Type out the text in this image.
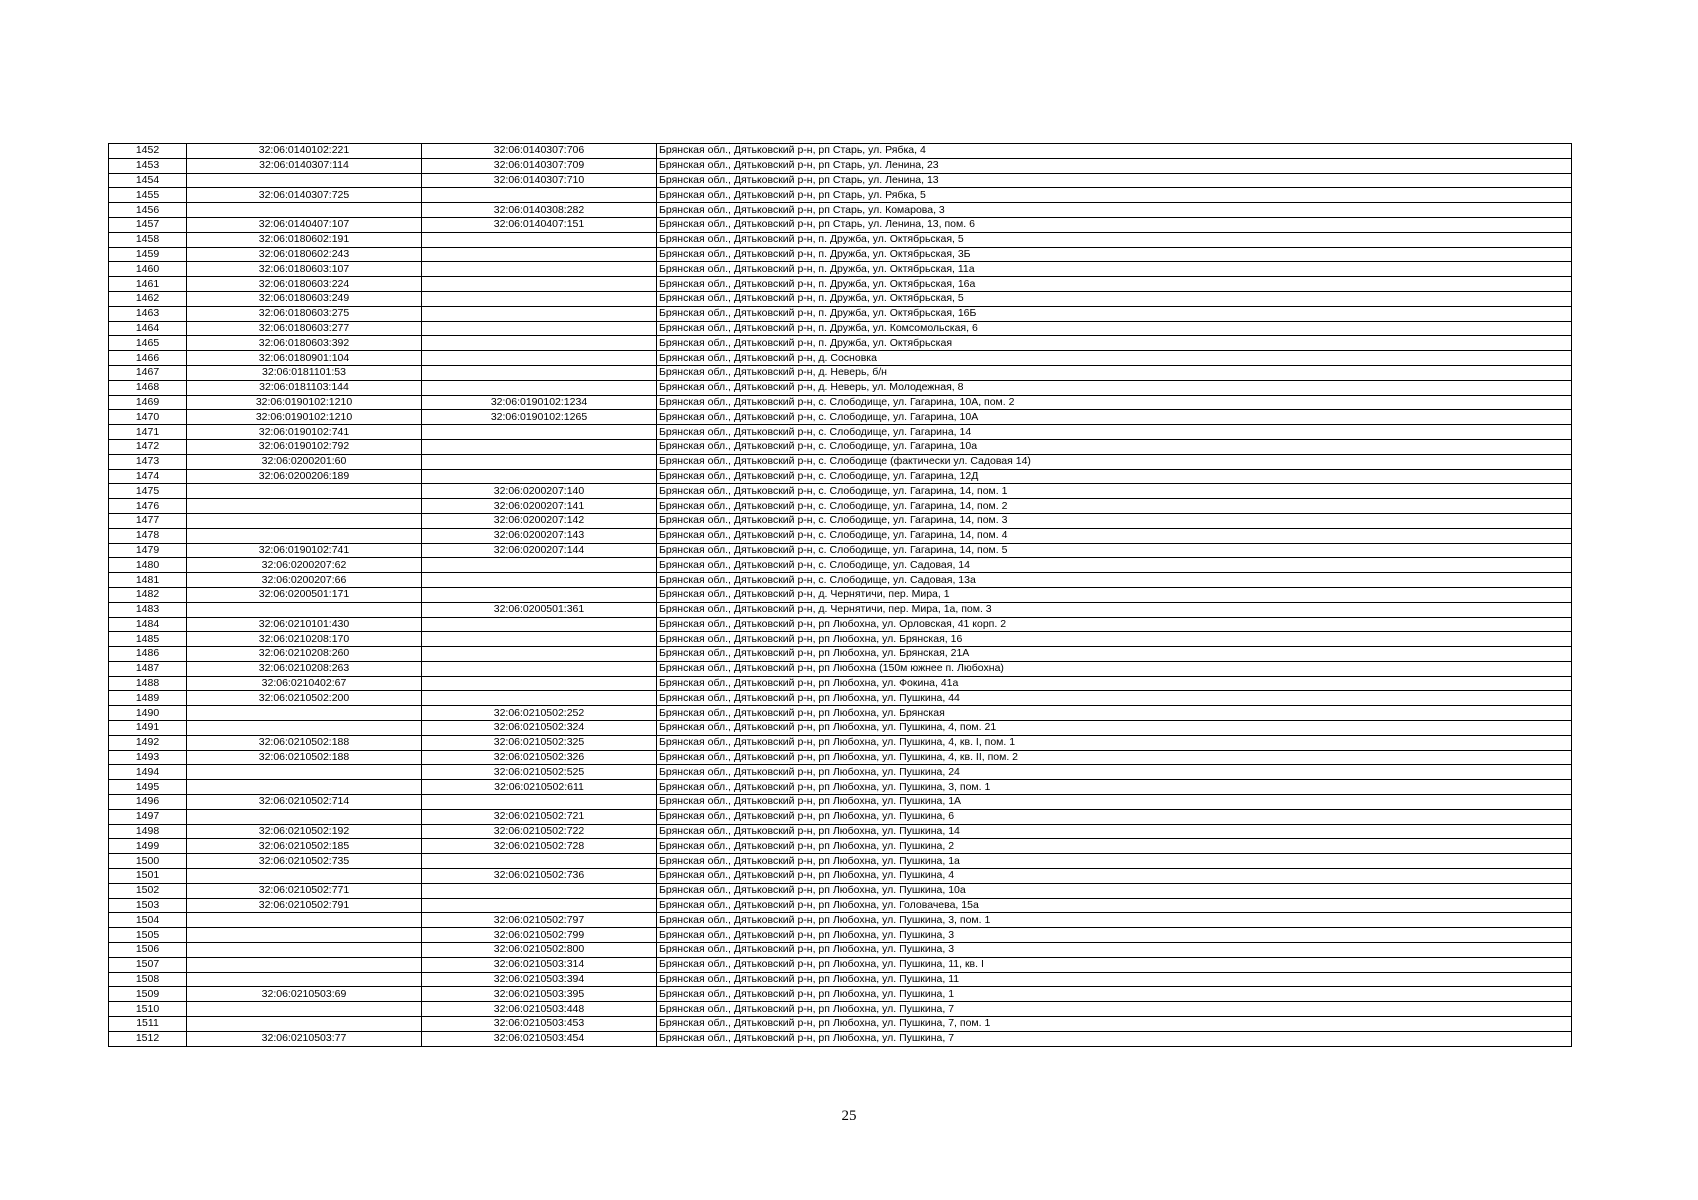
1452	32:06:0140102:221	32:06:0140307:706	Брянская обл., Дятьковский р-н, рп Старь, ул. Рябка, 4
1453	32:06:0140307:114	32:06:0140307:709	Брянская обл., Дятьковский р-н, рп Старь, ул. Ленина, 23
1454		32:06:0140307:710	Брянская обл., Дятьковский р-н, рп Старь, ул. Ленина, 13
1455	32:06:0140307:725		Брянская обл., Дятьковский р-н, рп Старь, ул. Рябка, 5
1456		32:06:0140308:282	Брянская обл., Дятьковский р-н, рп Старь, ул. Комарова, 3
1457	32:06:0140407:107	32:06:0140407:151	Брянская обл., Дятьковский р-н, рп Старь, ул. Ленина, 13, пом. 6
1458	32:06:0180602:191		Брянская обл., Дятьковский р-н, п. Дружба, ул. Октябрьская, 5
1459	32:06:0180602:243		Брянская обл., Дятьковский р-н, п. Дружба, ул. Октябрьская, 3Б
1460	32:06:0180603:107		Брянская обл., Дятьковский р-н, п. Дружба, ул. Октябрьская, 11а
1461	32:06:0180603:224		Брянская обл., Дятьковский р-н, п. Дружба, ул. Октябрьская, 16а
1462	32:06:0180603:249		Брянская обл., Дятьковский р-н, п. Дружба, ул. Октябрьская, 5
1463	32:06:0180603:275		Брянская обл., Дятьковский р-н, п. Дружба, ул. Октябрьская, 16Б
1464	32:06:0180603:277		Брянская обл., Дятьковский р-н, п. Дружба, ул. Комсомольская, 6
1465	32:06:0180603:392		Брянская обл., Дятьковский р-н, п. Дружба, ул. Октябрьская
1466	32:06:0180901:104		Брянская обл., Дятьковский р-н, д. Сосновка
1467	32:06:0181101:53		Брянская обл., Дятьковский р-н, д. Неверь, б/н
1468	32:06:0181103:144		Брянская обл., Дятьковский р-н, д. Неверь, ул. Молодежная, 8
1469	32:06:0190102:1210	32:06:0190102:1234	Брянская обл., Дятьковский р-н, с. Слободище, ул. Гагарина, 10А, пом. 2
1470	32:06:0190102:1210	32:06:0190102:1265	Брянская обл., Дятьковский р-н, с. Слободище, ул. Гагарина, 10А
1471	32:06:0190102:741		Брянская обл., Дятьковский р-н, с. Слободище, ул. Гагарина, 14
1472	32:06:0190102:792		Брянская обл., Дятьковский р-н, с. Слободище, ул. Гагарина, 10а
1473	32:06:0200201:60		Брянская обл., Дятьковский р-н, с. Слободище (фактически ул. Садовая 14)
1474	32:06:0200206:189		Брянская обл., Дятьковский р-н, с. Слободище, ул. Гагарина, 12Д
1475		32:06:0200207:140	Брянская обл., Дятьковский р-н, с. Слободище, ул. Гагарина, 14, пом. 1
1476		32:06:0200207:141	Брянская обл., Дятьковский р-н, с. Слободище, ул. Гагарина, 14, пом. 2
1477		32:06:0200207:142	Брянская обл., Дятьковский р-н, с. Слободище, ул. Гагарина, 14, пом. 3
1478		32:06:0200207:143	Брянская обл., Дятьковский р-н, с. Слободище, ул. Гагарина, 14, пом. 4
1479	32:06:0190102:741	32:06:0200207:144	Брянская обл., Дятьковский р-н, с. Слободище, ул. Гагарина, 14, пом. 5
1480	32:06:0200207:62		Брянская обл., Дятьковский р-н, с. Слободище, ул. Садовая, 14
1481	32:06:0200207:66		Брянская обл., Дятьковский р-н, с. Слободище, ул. Садовая, 13а
1482	32:06:0200501:171		Брянская обл., Дятьковский р-н, д. Чернятичи, пер. Мира, 1
1483		32:06:0200501:361	Брянская обл., Дятьковский р-н, д. Чернятичи, пер. Мира, 1а, пом. 3
1484	32:06:0210101:430		Брянская обл., Дятьковский р-н, рп Любохна, ул. Орловская, 41 корп. 2
1485	32:06:0210208:170		Брянская обл., Дятьковский р-н, рп Любохна, ул. Брянская, 16
1486	32:06:0210208:260		Брянская обл., Дятьковский р-н, рп Любохна, ул. Брянская, 21А
1487	32:06:0210208:263		Брянская обл., Дятьковский р-н, рп Любохна (150м южнее п. Любохна)
1488	32:06:0210402:67		Брянская обл., Дятьковский р-н, рп Любохна, ул. Фокина, 41а
1489	32:06:0210502:200		Брянская обл., Дятьковский р-н, рп Любохна, ул. Пушкина, 44
1490		32:06:0210502:252	Брянская обл., Дятьковский р-н, рп Любохна, ул. Брянская
1491		32:06:0210502:324	Брянская обл., Дятьковский р-н, рп Любохна, ул. Пушкина, 4, пом. 21
1492	32:06:0210502:188	32:06:0210502:325	Брянская обл., Дятьковский р-н, рп Любохна, ул. Пушкина, 4, кв. I, пом. 1
1493	32:06:0210502:188	32:06:0210502:326	Брянская обл., Дятьковский р-н, рп Любохна, ул. Пушкина, 4, кв. II, пом. 2
1494		32:06:0210502:525	Брянская обл., Дятьковский р-н, рп Любохна, ул. Пушкина, 24
1495		32:06:0210502:611	Брянская обл., Дятьковский р-н, рп Любохна, ул. Пушкина, 3, пом. 1
1496	32:06:0210502:714		Брянская обл., Дятьковский р-н, рп Любохна, ул. Пушкина, 1А
1497		32:06:0210502:721	Брянская обл., Дятьковский р-н, рп Любохна, ул. Пушкина, 6
1498	32:06:0210502:192	32:06:0210502:722	Брянская обл., Дятьковский р-н, рп Любохна, ул. Пушкина, 14
1499	32:06:0210502:185	32:06:0210502:728	Брянская обл., Дятьковский р-н, рп Любохна, ул. Пушкина, 2
1500	32:06:0210502:735		Брянская обл., Дятьковский р-н, рп Любохна, ул. Пушкина, 1а
1501		32:06:0210502:736	Брянская обл., Дятьковский р-н, рп Любохна, ул. Пушкина, 4
1502	32:06:0210502:771		Брянская обл., Дятьковский р-н, рп Любохна, ул. Пушкина, 10а
1503	32:06:0210502:791		Брянская обл., Дятьковский р-н, рп Любохна, ул. Головачева, 15а
1504		32:06:0210502:797	Брянская обл., Дятьковский р-н, рп Любохна, ул. Пушкина, 3, пом. 1
1505		32:06:0210502:799	Брянская обл., Дятьковский р-н, рп Любохна, ул. Пушкина, 3
1506		32:06:0210502:800	Брянская обл., Дятьковский р-н, рп Любохна, ул. Пушкина, 3
1507		32:06:0210503:314	Брянская обл., Дятьковский р-н, рп Любохна, ул. Пушкина, 11, кв. I
1508		32:06:0210503:394	Брянская обл., Дятьковский р-н, рп Любохна, ул. Пушкина, 11
1509	32:06:0210503:69	32:06:0210503:395	Брянская обл., Дятьковский р-н, рп Любохна, ул. Пушкина, 1
1510		32:06:0210503:448	Брянская обл., Дятьковский р-н, рп Любохна, ул. Пушкина, 7
1511		32:06:0210503:453	Брянская обл., Дятьковский р-н, рп Любохна, ул. Пушкина, 7, пом. 1
1512	32:06:0210503:77	32:06:0210503:454	Брянская обл., Дятьковский р-н, рп Любохна, ул. Пушкина, 7
25
